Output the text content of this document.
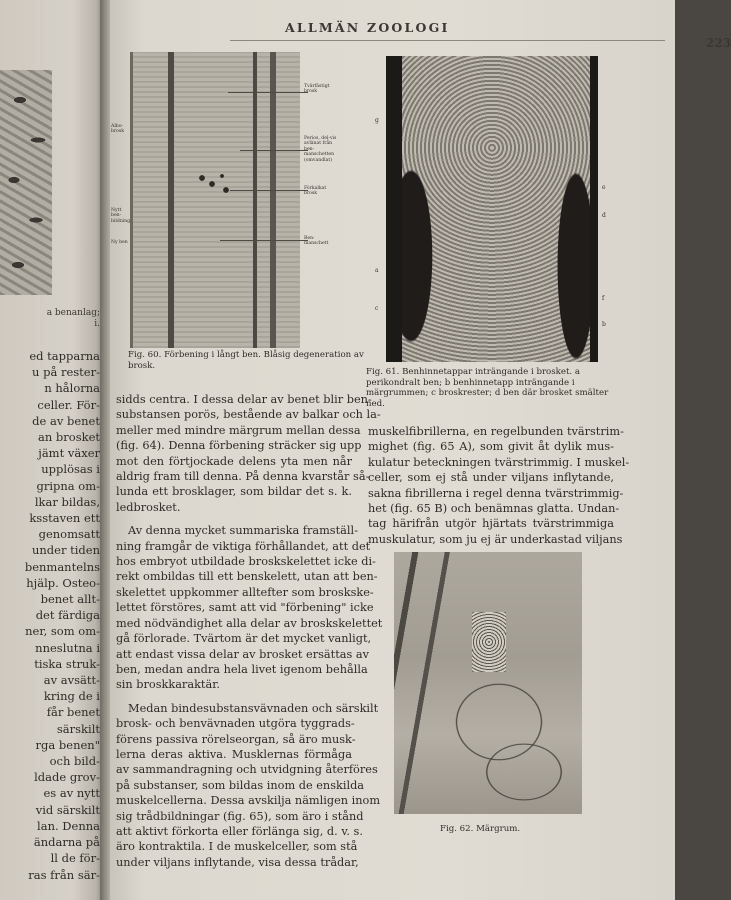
a benanlag;
i.
ed tapparna
u på rester-
n hålorna
celler. För-
de av benet
an brosket
jämt växer
upplösas i
gripna om-
lkar bildas,
ksstaven ett
genomsatt
under tiden
benmantelns
hjälp. Osteo-
benet allt-
det färdiga
ner, som om-
nneslutna i
tiska struk-
av avsätt-
kring de i
får benet
särskilt
rga benen"
och bild-
ldade grov-
es av nytt
vid särskilt
lan. Denna
ändarna på
ll de för-
ras från sär-
ALLMÄN ZOOLOGI
223
Tvärfästigt brosk
Perios, del-vis avlänat från ben-manschetten (omvandlat)
Förkalkat brosk
Ben-manschett
Albo-brosk
Nytt ben-bildning
Ny ben
Fig. 60. Förbening i långt ben. Blåsig degeneration av brosk.
g
a
c
e
d
f
b
Fig. 61. Benhinnetappar inträngande i brosket. a perikondralt ben; b benhinnetapp inträngande i märgrummen; c broskrester; d ben där brosket smälter ned.
sidds centra. I dessa delar av benet blir ben-
substansen porös, bestående av balkar och la-
meller med mindre märgrum mellan dessa
(fig. 64). Denna förbening sträcker sig upp
mot den förtjockade delens yta men når
aldrig fram till denna. På denna kvarstår så-
lunda ett brosklager, som bildar det s. k.
ledbrosket.
Av denna mycket summariska framställ-
ning framgår de viktiga förhållandet, att det
hos embryot utbildade broskskelettet icke di-
rekt ombildas till ett benskelett, utan att ben-
skelettet uppkommer alltefter som broskske-
lettet förstöres, samt att vid "förbening" icke
med nödvändighet alla delar av broskskelettet
gå förlorade. Tvärtom är det mycket vanligt,
att endast vissa delar av brosket ersättas av
ben, medan andra hela livet igenom behålla
sin broskkaraktär.
Medan bindesubstansvävnaden och särskilt
brosk- och benvävnaden utgöra tyggrads-
förens passiva rörelseorgan, så äro musk-
lerna deras aktiva. Musklernas förmåga
av sammandragning och utvidgning återföres
på substanser, som bildas inom de enskilda
muskelcellerna. Dessa avskilja nämligen inom
sig trådbildningar (fig. 65), som äro i stånd
att aktivt förkorta eller förlänga sig, d. v. s.
äro kontraktila. I de muskelceller, som stå
under viljans inflytande, visa dessa trådar,
muskelfibrillerna, en regelbunden tvärstrim-
mighet (fig. 65 A), som givit åt dylik mus-
kulatur beteckningen tvärstrimmig. I muskel-
celler, som ej stå under viljans inflytande,
sakna fibrillerna i regel denna tvärstrimmig-
het (fig. 65 B) och benämnas glatta. Undan-
tag härifrån utgör hjärtats tvärstrimmiga
muskulatur, som ju ej är underkastad viljans
Fig. 62. Märgrum.
